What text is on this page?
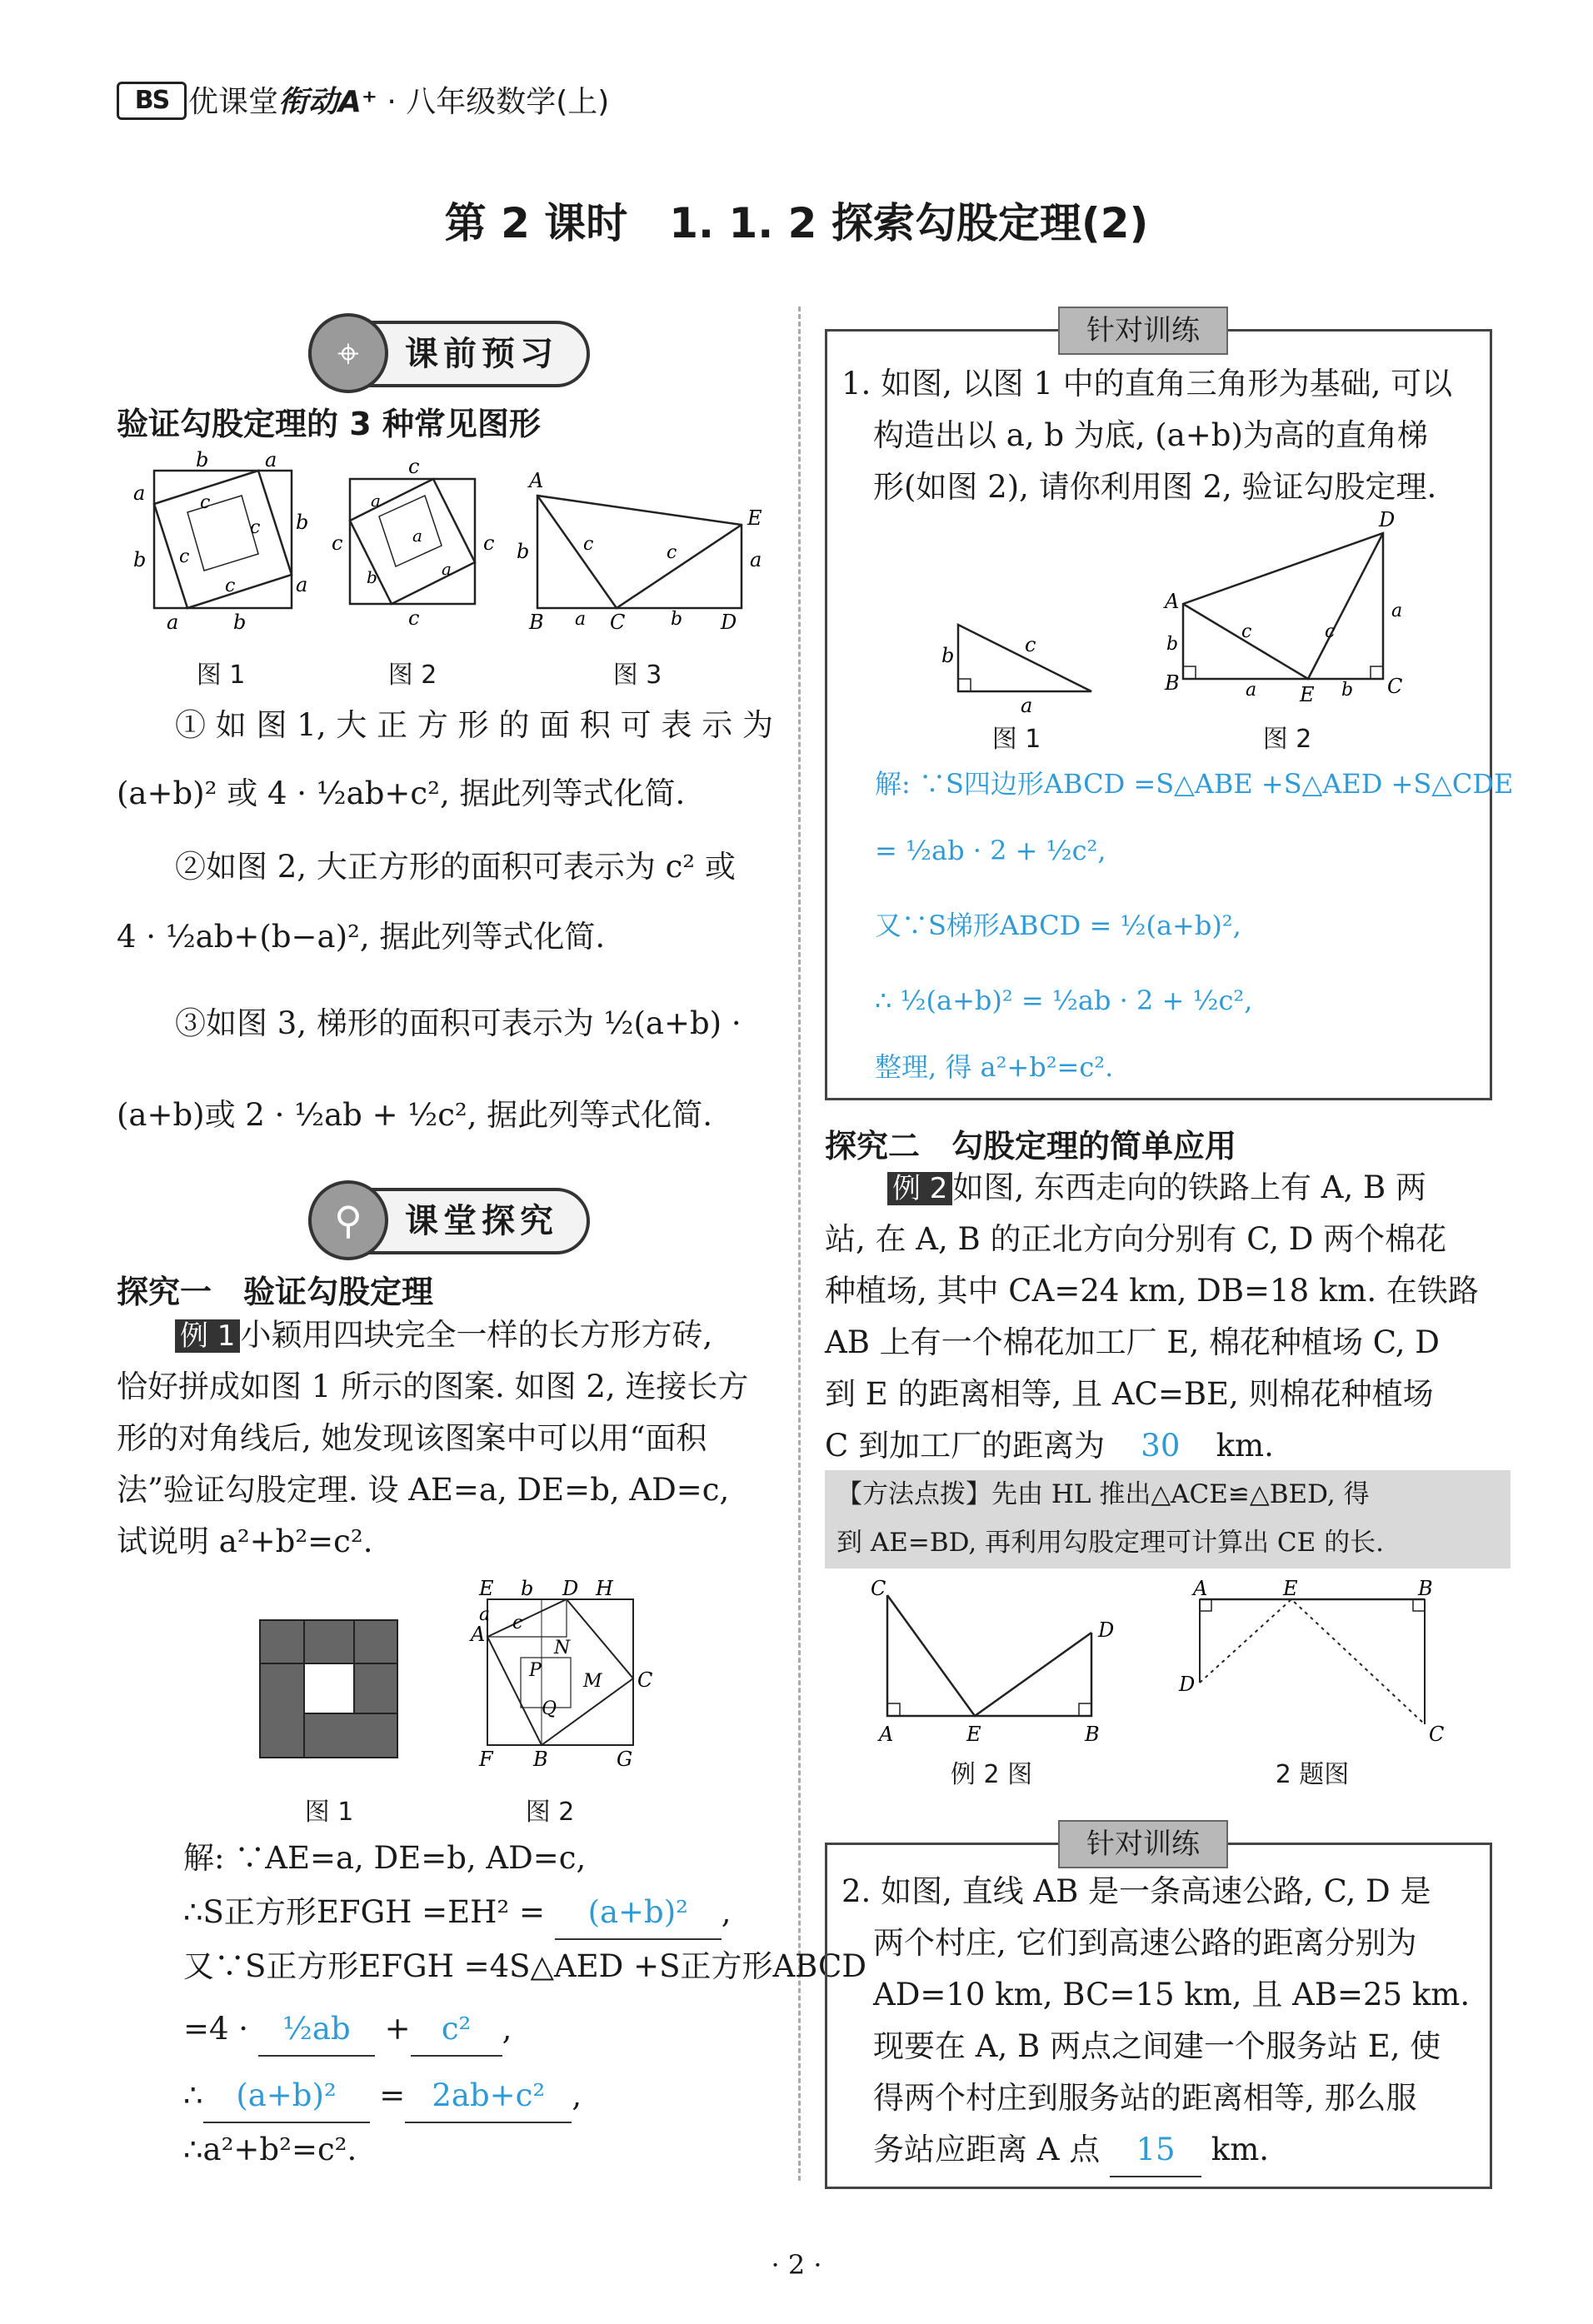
BS 优课堂衔动A⁺ · 八年级数学(上)
第 2 课时　1. 1. 2 探索勾股定理(2)
课前预习
⌖
验证勾股定理的 3 种常见图形
b	a
a
b
b
a
a	b
c
c
c
c
c
c	c
c
a
a
a
b
A
E
B	C	D
b	a
a	b
c	c
图 1	图 2	图 3
① 如 图 1, 大 正 方 形 的 面 积 可 表 示 为
(a+b)² 或 4 · ½ab+c², 据此列等式化简.
②如图 2, 大正方形的面积可表示为 c² 或
4 · ½ab+(b−a)², 据此列等式化简.
③如图 3, 梯形的面积可表示为 ½(a+b) ·
(a+b)或 2 · ½ab + ½c², 据此列等式化简.
课堂探究
⚲
探究一　验证勾股定理
例 1 小颖用四块完全一样的长方形方砖,
恰好拼成如图 1 所示的图案. 如图 2, 连接长方
形的对角线后, 她发现该图案中可以用“面积
法”验证勾股定理. 设 AE=a, DE=b, AD=c,
试说明 a²+b²=c².
E b D H
A
C
F B	G
a c
P
N
M
Q
图 1	图 2
解: ∵AE=a, DE=b, AD=c,
∴S正方形EFGH =EH² = (a+b)² ,
又∵S正方形EFGH =4S△AED +S正方形ABCD
=4 · ½ab + c² ,
∴ (a+b)² = 2ab+c² ,
∴a²+b²=c².
针对训练
1. 如图, 以图 1 中的直角三角形为基础, 可以
构造出以 a, b 为底, (a+b)为高的直角梯
形(如图 2), 请你利用图 2, 验证勾股定理.
b	c
a
A
D
B	E	C
b
a
a	b
c	c
图 1	图 2
解: ∵S四边形ABCD =S△ABE +S△AED +S△CDE
= ½ab · 2 + ½c²,
又∵S梯形ABCD = ½(a+b)²,
∴ ½(a+b)² = ½ab · 2 + ½c²,
整理, 得 a²+b²=c².
探究二　勾股定理的简单应用
例 2 如图, 东西走向的铁路上有 A, B 两
站, 在 A, B 的正北方向分别有 C, D 两个棉花
种植场, 其中 CA=24 km, DB=18 km. 在铁路
AB 上有一个棉花加工厂 E, 棉花种植场 C, D
到 E 的距离相等, 且 AC=BE, 则棉花种植场
C 到加工厂的距离为 30 km.
【方法点拨】先由 HL 推出△ACE≌△BED, 得
到 AE=BD, 再利用勾股定理可计算出 CE 的长.
C
D
A	E	B
A	E	B
D
C
例 2 图	2 题图
针对训练
2. 如图, 直线 AB 是一条高速公路, C, D 是
两个村庄, 它们到高速公路的距离分别为
AD=10 km, BC=15 km, 且 AB=25 km.
现要在 A, B 两点之间建一个服务站 E, 使
得两个村庄到服务站的距离相等, 那么服
务站应距离 A 点 15 km.
· 2 ·
